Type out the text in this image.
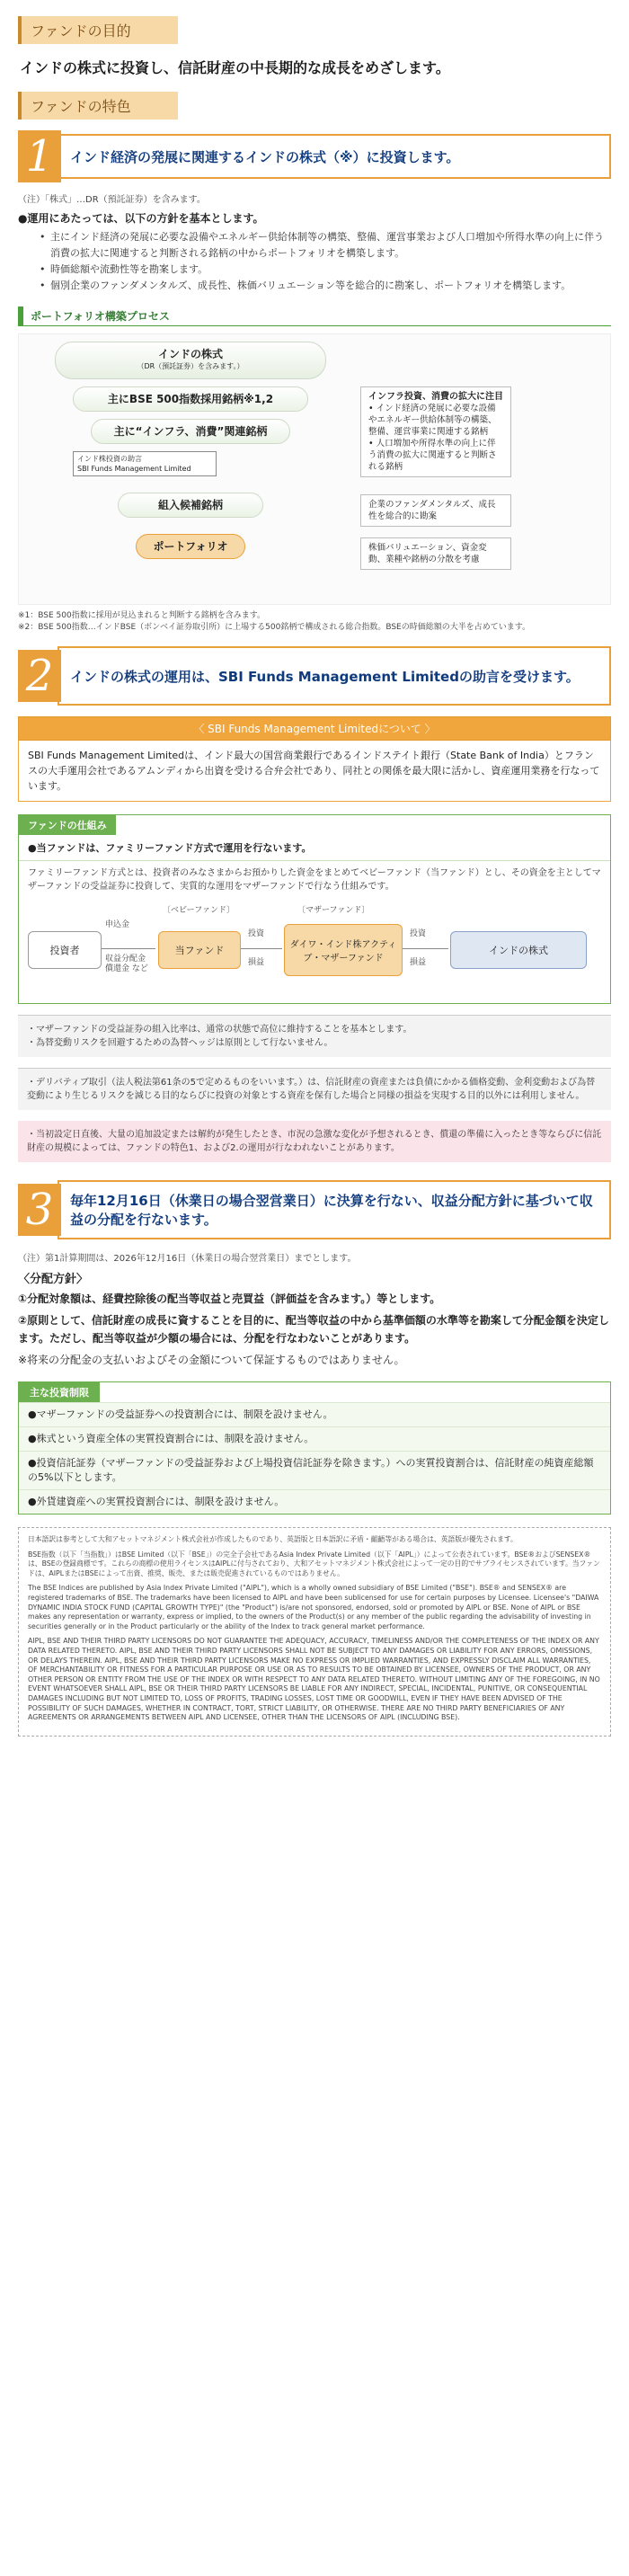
ファンドの目的
インドの株式に投資し、信託財産の中長期的な成長をめざします。
ファンドの特色
1	インド経済の発展に関連するインドの株式（※）に投資します。
（注）「株式」…DR（預託証券）を含みます。
●運用にあたっては、以下の方針を基本とします。
• 主にインド経済の発展に必要な設備やエネルギー供給体制等の構築、整備、運営事業および人口増加や所得水準の向上に伴う消費の拡大に関連すると判断される銘柄の中からポートフォリオを構築します。
• 時価総額や流動性等を勘案します。
• 個別企業のファンダメンタルズ、成長性、株価バリュエーション等を総合的に勘案し、ポートフォリオを構築します。
ポートフォリオ構築プロセス
インドの株式
（DR（預託証券）を含みます。）
主にBSE 500指数採用銘柄※1,2
主に“インフラ、消費”関連銘柄
インド株投資の助言
SBI Funds Management Limited
組入候補銘柄
ポートフォリオ
インフラ投資、消費の拡大に注目
• インド経済の発展に必要な設備やエネルギー供給体制等の構築、整備、運営事業に関連する銘柄
• 人口増加や所得水準の向上に伴う消費の拡大に関連すると判断される銘柄
企業のファンダメンタルズ、成長性を総合的に勘案
株価バリュエーション、資金変動、業種や銘柄の分散を考慮
※1：BSE 500指数に採用が見込まれると判断する銘柄を含みます。
※2：BSE 500指数…インドBSE（ボンベイ証券取引所）に上場する500銘柄で構成される総合指数。BSEの時価総額の大半を占めています。
2	インドの株式の運用は、SBI Funds Management Limitedの助言を受けます。
〈 SBI Funds Management Limitedについて 〉
SBI Funds Management Limitedは、インド最大の国営商業銀行であるインドステイト銀行（State Bank of India）とフランスの大手運用会社であるアムンディから出資を受ける合弁会社であり、同社との関係を最大限に活かし、資産運用業務を行なっています。
ファンドの仕組み
●当ファンドは、ファミリーファンド方式で運用を行ないます。
ファミリーファンド方式とは、投資者のみなさまからお預かりした資金をまとめてベビーファンド（当ファンド）とし、その資金を主としてマザーファンドの受益証券に投資して、実質的な運用をマザーファンドで行なう仕組みです。
投資者
申込金
収益分配金 償還金 など
〔ベビーファンド〕
当ファンド
投資
損益
〔マザーファンド〕
ダイワ・インド株アクティブ・マザーファンド
投資
損益
インドの株式
・ マザーファンドの受益証券の組入比率は、通常の状態で高位に維持することを基本とします。
・ 為替変動リスクを回避するための為替ヘッジは原則として行ないません。
・ デリバティブ取引（法人税法第61条の5で定めるものをいいます。）は、信託財産の資産または負債にかかる価格変動、金利変動および為替変動により生じるリスクを減じる目的ならびに投資の対象とする資産を保有した場合と同様の損益を実現する目的以外には利用しません。
・ 当初設定日直後、大量の追加設定または解約が発生したとき、市況の急激な変化が予想されるとき、償還の準備に入ったとき等ならびに信託財産の規模によっては、ファンドの特色1、および2.の運用が行なわれないことがあります。
3	毎年12月16日（休業日の場合翌営業日）に決算を行ない、収益分配方針に基づいて収益の分配を行ないます。
（注）第1計算期間は、2026年12月16日（休業日の場合翌営業日）までとします。
〈分配方針〉
①分配対象額は、経費控除後の配当等収益と売買益（評価益を含みます。）等とします。
②原則として、信託財産の成長に資することを目的に、配当等収益の中から基準価額の水準等を勘案して分配金額を決定します。ただし、配当等収益が少額の場合には、分配を行なわないことがあります。
※将来の分配金の支払いおよびその金額について保証するものではありません。
主な投資制限
●マザーファンドの受益証券への投資割合には、制限を設けません。
●株式という資産全体の実質投資割合には、制限を設けません。
●投資信託証券（マザーファンドの受益証券および上場投資信託証券を除きます。）への実質投資割合は、信託財産の純資産総額の5%以下とします。
●外貨建資産への実質投資割合には、制限を設けません。

日本語訳は参考として大和アセットマネジメント株式会社が作成したものであり、英語版と日本語訳に矛盾・齟齬等がある場合は、英語版が優先されます。

BSE指数（以下「当指数」）はBSE Limited（以下「BSE」）の完全子会社であるAsia Index Private Limited（以下「AIPL」）によって公表されています。BSE®およびSENSEX®は、BSEの登録商標です。これらの商標の使用ライセンスはAIPLに付与されており、大和アセットマネジメント株式会社によって一定の目的でサブライセンスされています。当ファンドは、AIPLまたはBSEによって出資、推奨、販売、または販売促進されているものではありません。

The BSE Indices are published by Asia Index Private Limited ("AIPL"), which is a wholly owned subsidiary of BSE Limited ("BSE"). BSE® and SENSEX® are registered trademarks of BSE. The trademarks have been licensed to AIPL and have been sublicensed for use for certain purposes by Licensee. Licensee's "DAIWA DYNAMIC INDIA STOCK FUND (CAPITAL GROWTH TYPE)" (the "Product") is/are not sponsored, endorsed, sold or promoted by AIPL or BSE. None of AIPL or BSE makes any representation or warranty, express or implied, to the owners of the Product(s) or any member of the public regarding the advisability of investing in securities generally or in the Product particularly or the ability of the Index to track general market performance.

AIPL, BSE AND THEIR THIRD PARTY LICENSORS DO NOT GUARANTEE THE ADEQUACY, ACCURACY, TIMELINESS AND/OR THE COMPLETENESS OF THE INDEX OR ANY DATA RELATED THERETO. AIPL, BSE AND THEIR THIRD PARTY LICENSORS SHALL NOT BE SUBJECT TO ANY DAMAGES OR LIABILITY FOR ANY ERRORS, OMISSIONS, OR DELAYS THEREIN. AIPL, BSE AND THEIR THIRD PARTY LICENSORS MAKE NO EXPRESS OR IMPLIED WARRANTIES, AND EXPRESSLY DISCLAIM ALL WARRANTIES, OF MERCHANTABILITY OR FITNESS FOR A PARTICULAR PURPOSE OR USE OR AS TO RESULTS TO BE OBTAINED BY LICENSEE, OWNERS OF THE PRODUCT, OR ANY OTHER PERSON OR ENTITY FROM THE USE OF THE INDEX OR WITH RESPECT TO ANY DATA RELATED THERETO. WITHOUT LIMITING ANY OF THE FOREGOING, IN NO EVENT WHATSOEVER SHALL AIPL, BSE OR THEIR THIRD PARTY LICENSORS BE LIABLE FOR ANY INDIRECT, SPECIAL, INCIDENTAL, PUNITIVE, OR CONSEQUENTIAL DAMAGES INCLUDING BUT NOT LIMITED TO, LOSS OF PROFITS, TRADING LOSSES, LOST TIME OR GOODWILL, EVEN IF THEY HAVE BEEN ADVISED OF THE POSSIBILITY OF SUCH DAMAGES, WHETHER IN CONTRACT, TORT, STRICT LIABILITY, OR OTHERWISE. THERE ARE NO THIRD PARTY BENEFICIARIES OF ANY AGREEMENTS OR ARRANGEMENTS BETWEEN AIPL AND LICENSEE, OTHER THAN THE LICENSORS OF AIPL (INCLUDING BSE).
